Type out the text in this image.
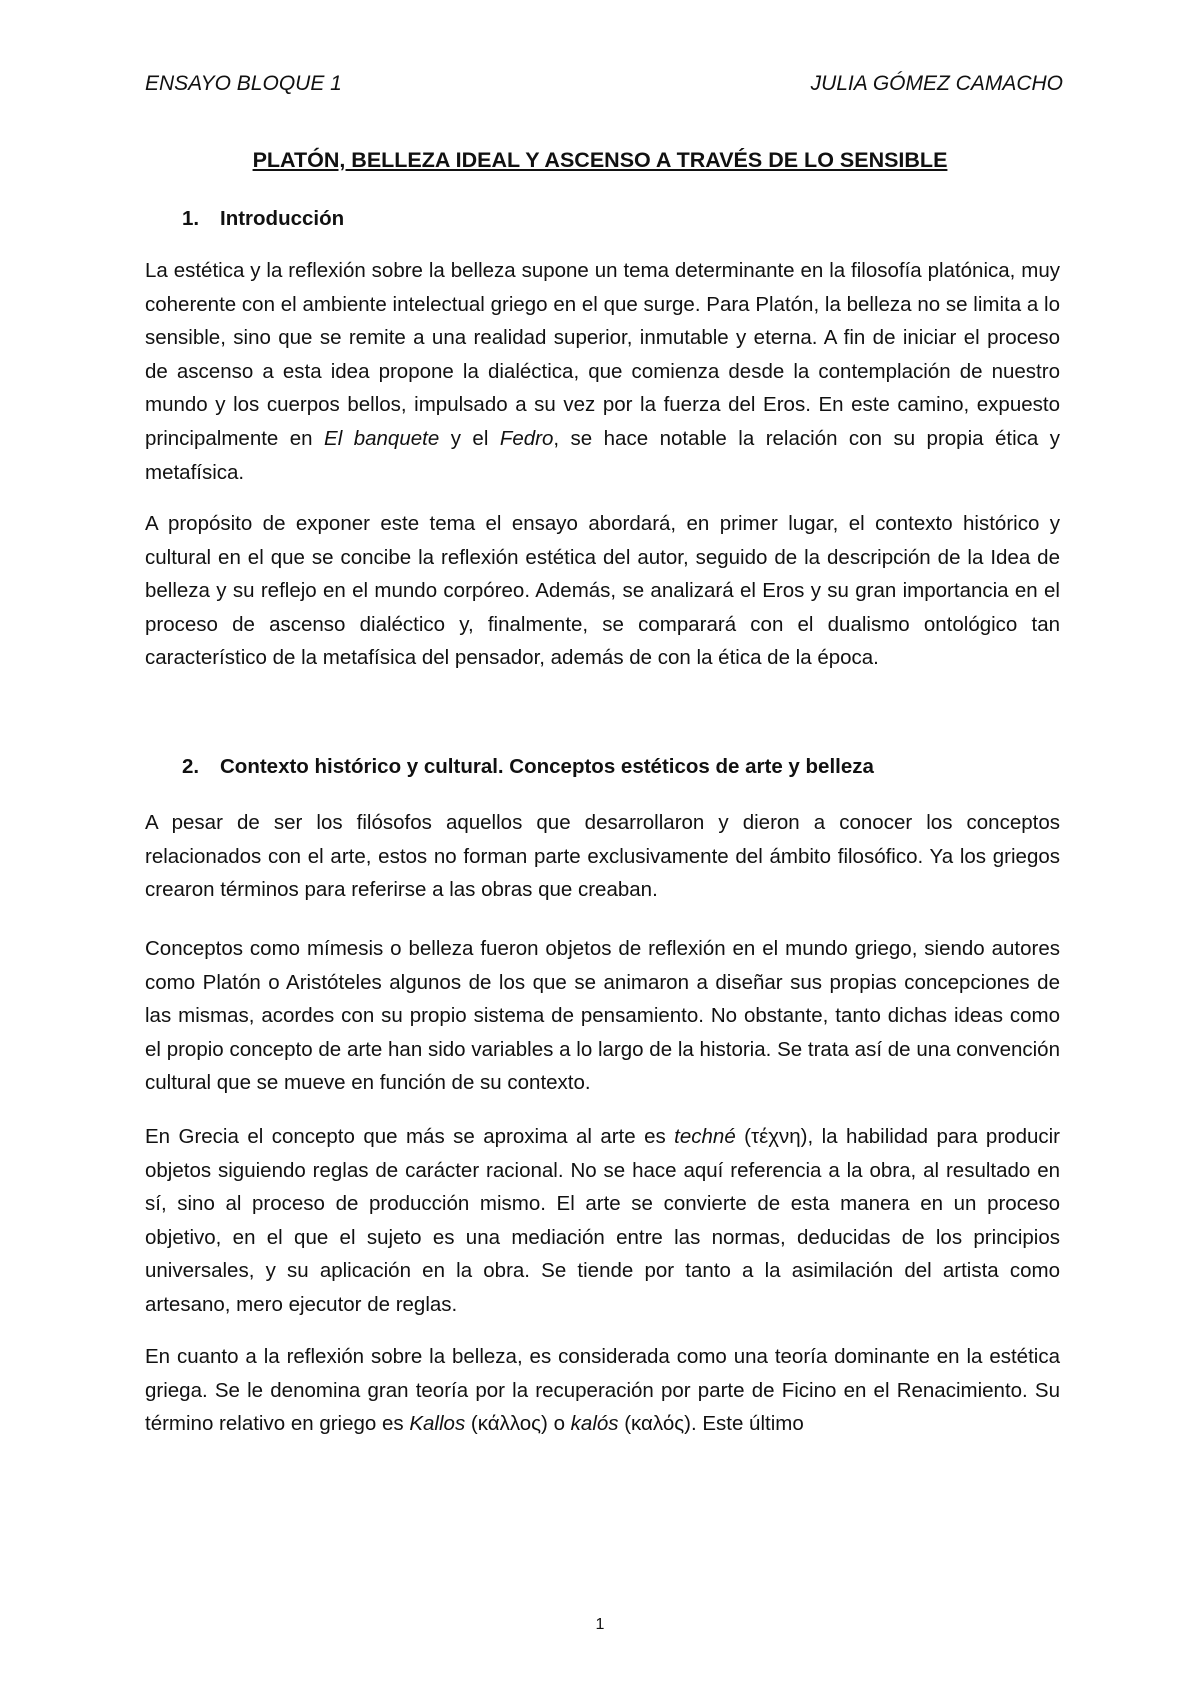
ENSAYO BLOQUE 1	JULIA GÓMEZ CAMACHO
PLATÓN, BELLEZA IDEAL Y ASCENSO A TRAVÉS DE LO SENSIBLE
1. Introducción

La estética y la reflexión sobre la belleza supone un tema determinante en la filosofía platónica, muy coherente con el ambiente intelectual griego en el que surge. Para Platón, la belleza no se limita a lo sensible, sino que se remite a una realidad superior, inmutable y eterna. A fin de iniciar el proceso de ascenso a esta idea propone la dialéctica, que comienza desde la contemplación de nuestro mundo y los cuerpos bellos, impulsado a su vez por la fuerza del Eros. En este camino, expuesto principalmente en El banquete y el Fedro, se hace notable la relación con su propia ética y metafísica.

A propósito de exponer este tema el ensayo abordará, en primer lugar, el contexto histórico y cultural en el que se concibe la reflexión estética del autor, seguido de la descripción de la Idea de belleza y su reflejo en el mundo corpóreo. Además, se analizará el Eros y su gran importancia en el proceso de ascenso dialéctico y, finalmente, se comparará con el dualismo ontológico tan característico de la metafísica del pensador, además de con la ética de la época.

2. Contexto histórico y cultural. Conceptos estéticos de arte y belleza

A pesar de ser los filósofos aquellos que desarrollaron y dieron a conocer los conceptos relacionados con el arte, estos no forman parte exclusivamente del ámbito filosófico. Ya los griegos crearon términos para referirse a las obras que creaban.

Conceptos como mímesis o belleza fueron objetos de reflexión en el mundo griego, siendo autores como Platón o Aristóteles algunos de los que se animaron a diseñar sus propias concepciones de las mismas, acordes con su propio sistema de pensamiento. No obstante, tanto dichas ideas como el propio concepto de arte han sido variables a lo largo de la historia. Se trata así de una convención cultural que se mueve en función de su contexto.

En Grecia el concepto que más se aproxima al arte es techné (τέχνη), la habilidad para producir objetos siguiendo reglas de carácter racional. No se hace aquí referencia a la obra, al resultado en sí, sino al proceso de producción mismo. El arte se convierte de esta manera en un proceso objetivo, en el que el sujeto es una mediación entre las normas, deducidas de los principios universales, y su aplicación en la obra. Se tiende por tanto a la asimilación del artista como artesano, mero ejecutor de reglas.

En cuanto a la reflexión sobre la belleza, es considerada como una teoría dominante en la estética griega. Se le denomina gran teoría por la recuperación por parte de Ficino en el Renacimiento. Su término relativo en griego es Kallos (κάλλος) o kalós (καλός). Este último

1
